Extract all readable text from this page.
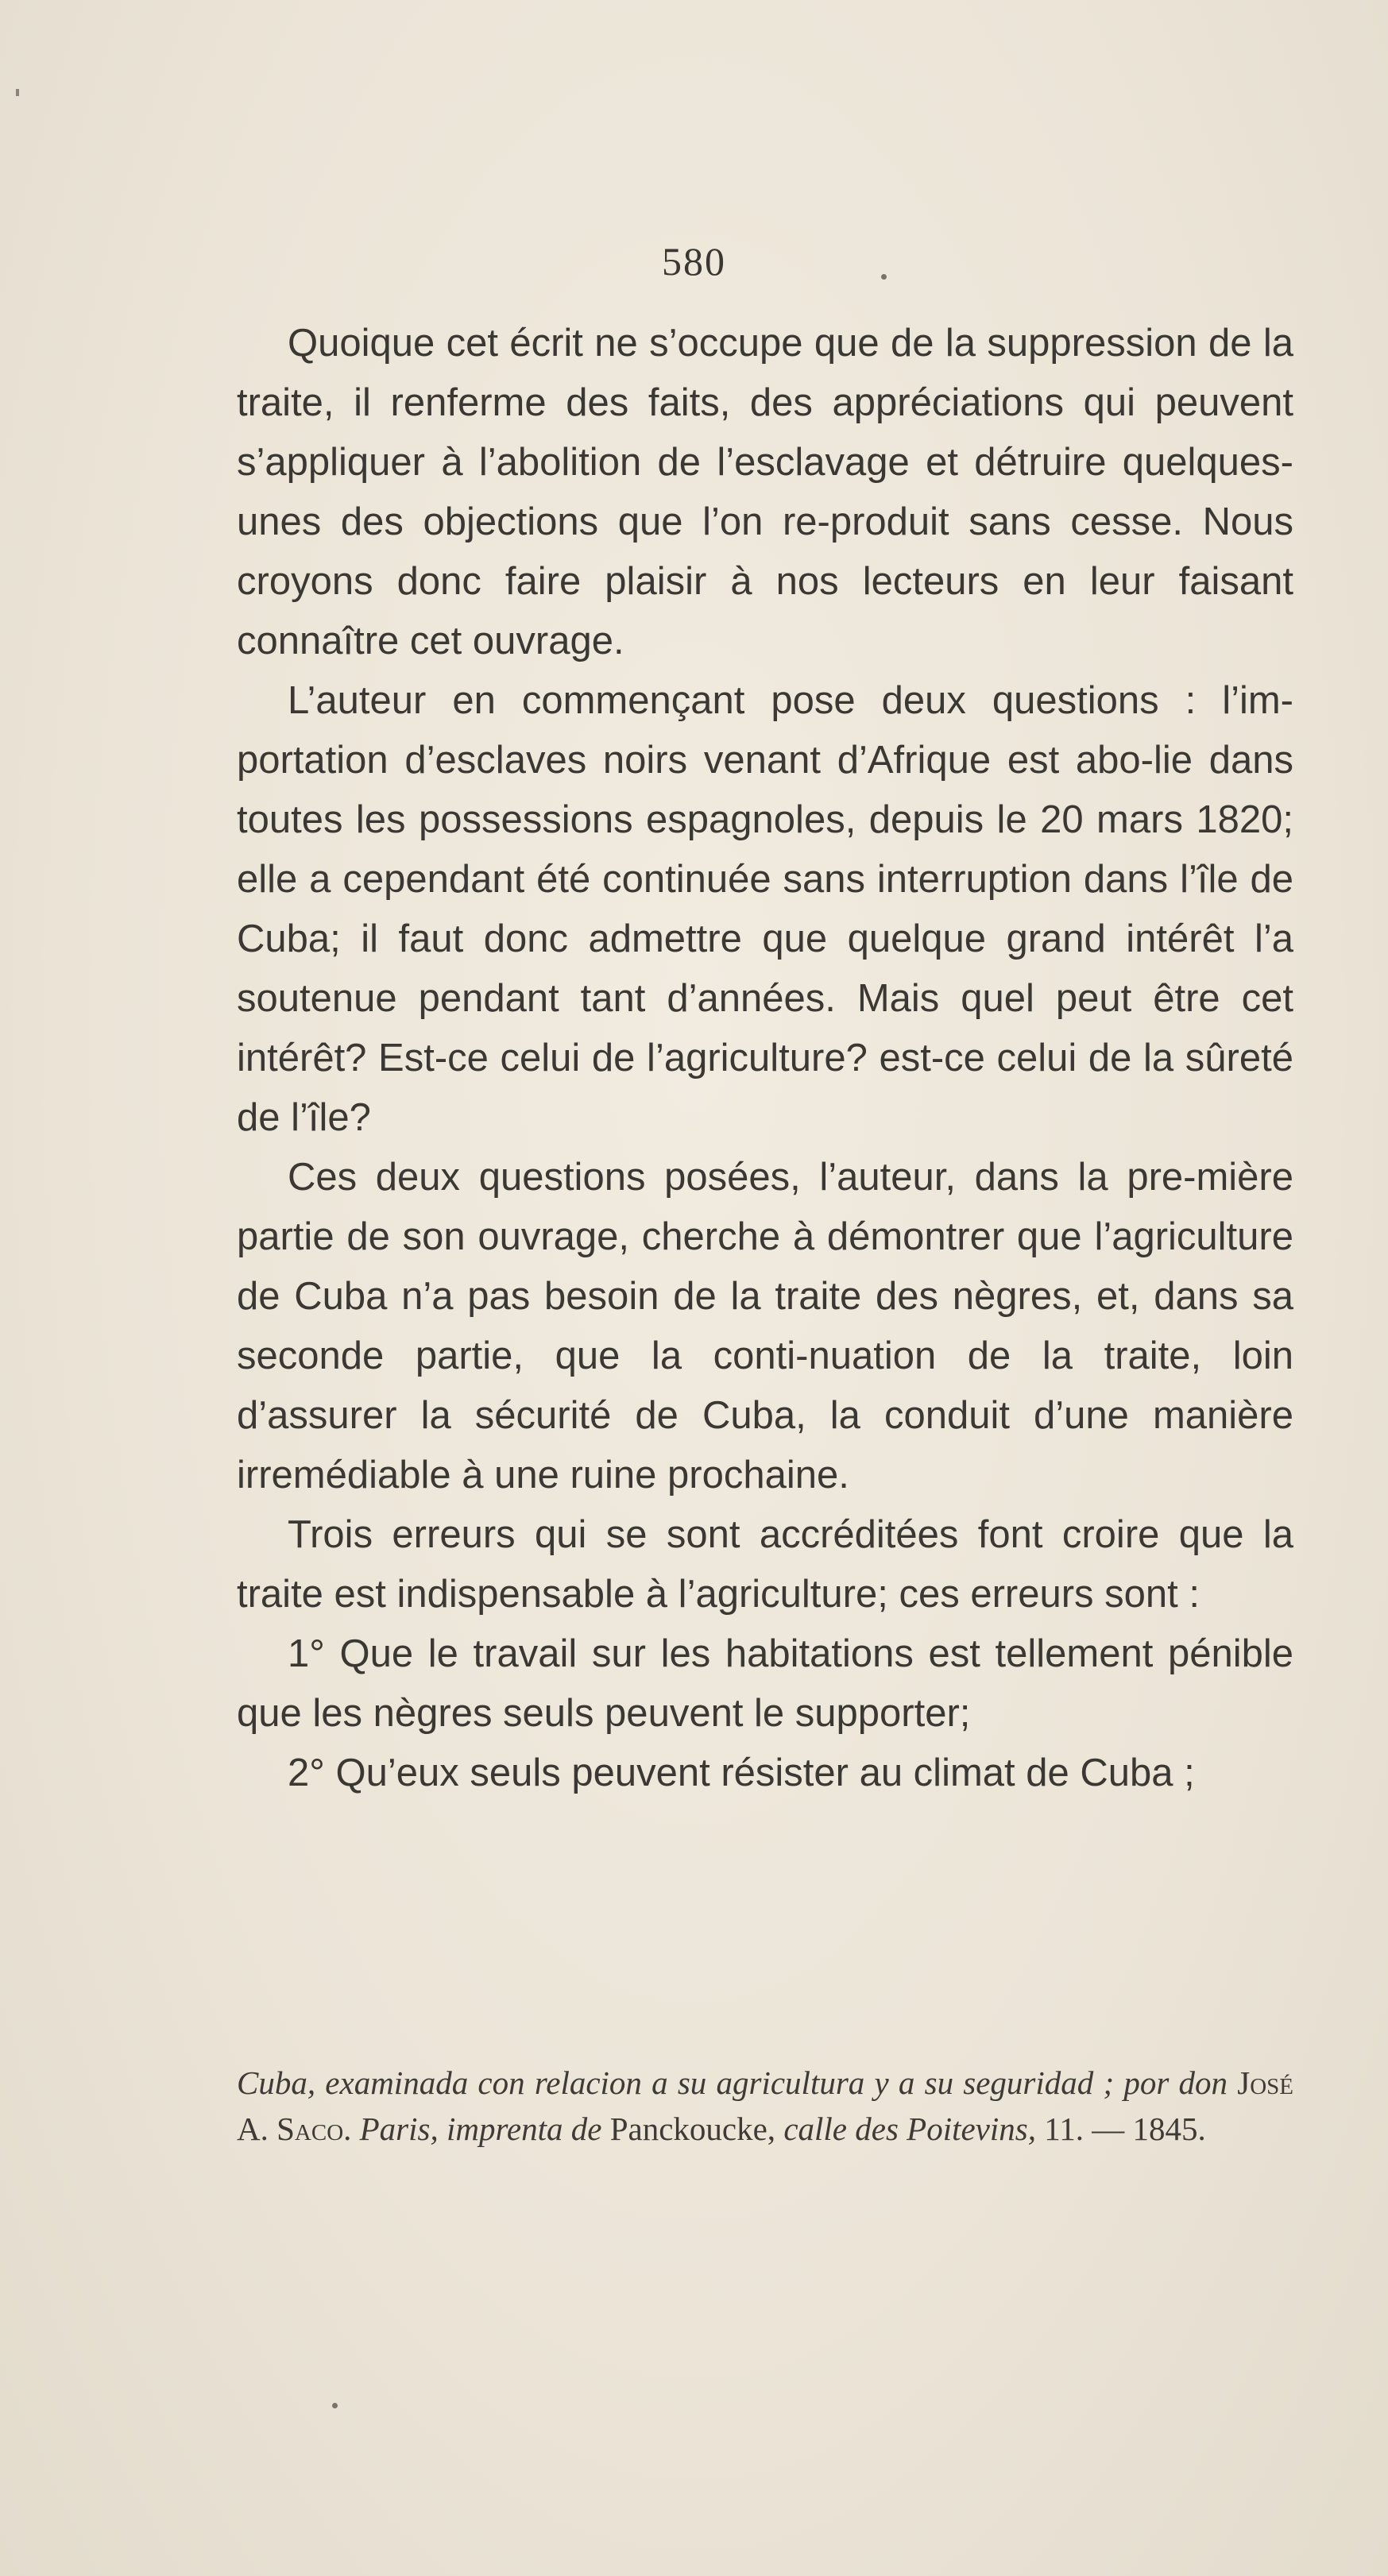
580

Quoique cet écrit ne s’occupe que de la suppression de la traite, il renferme des faits, des appréciations qui peuvent s’appliquer à l’abolition de l’esclavage et détruire quelques-unes des objections que l’on re-produit sans cesse. Nous croyons donc faire plaisir à nos lecteurs en leur faisant connaître cet ouvrage.

L’auteur en commençant pose deux questions : l’im-portation d’esclaves noirs venant d’Afrique est abo-lie dans toutes les possessions espagnoles, depuis le 20 mars 1820; elle a cependant été continuée sans interruption dans l’île de Cuba; il faut donc admettre que quelque grand intérêt l’a soutenue pendant tant d’années. Mais quel peut être cet intérêt? Est-ce celui de l’agriculture? est-ce celui de la sûreté de l’île?

Ces deux questions posées, l’auteur, dans la pre-mière partie de son ouvrage, cherche à démontrer que l’agriculture de Cuba n’a pas besoin de la traite des nègres, et, dans sa seconde partie, que la conti-nuation de la traite, loin d’assurer la sécurité de Cuba, la conduit d’une manière irremédiable à une ruine prochaine.

Trois erreurs qui se sont accréditées font croire que la traite est indispensable à l’agriculture; ces erreurs sont :

1° Que le travail sur les habitations est tellement pénible que les nègres seuls peuvent le supporter;

2° Qu’eux seuls peuvent résister au climat de Cuba ;

Cuba, examinada con relacion a su agricultura y a su seguridad ; por don José A. Saco. Paris, imprenta de Panckoucke, calle des Poitevins, 11. — 1845.
